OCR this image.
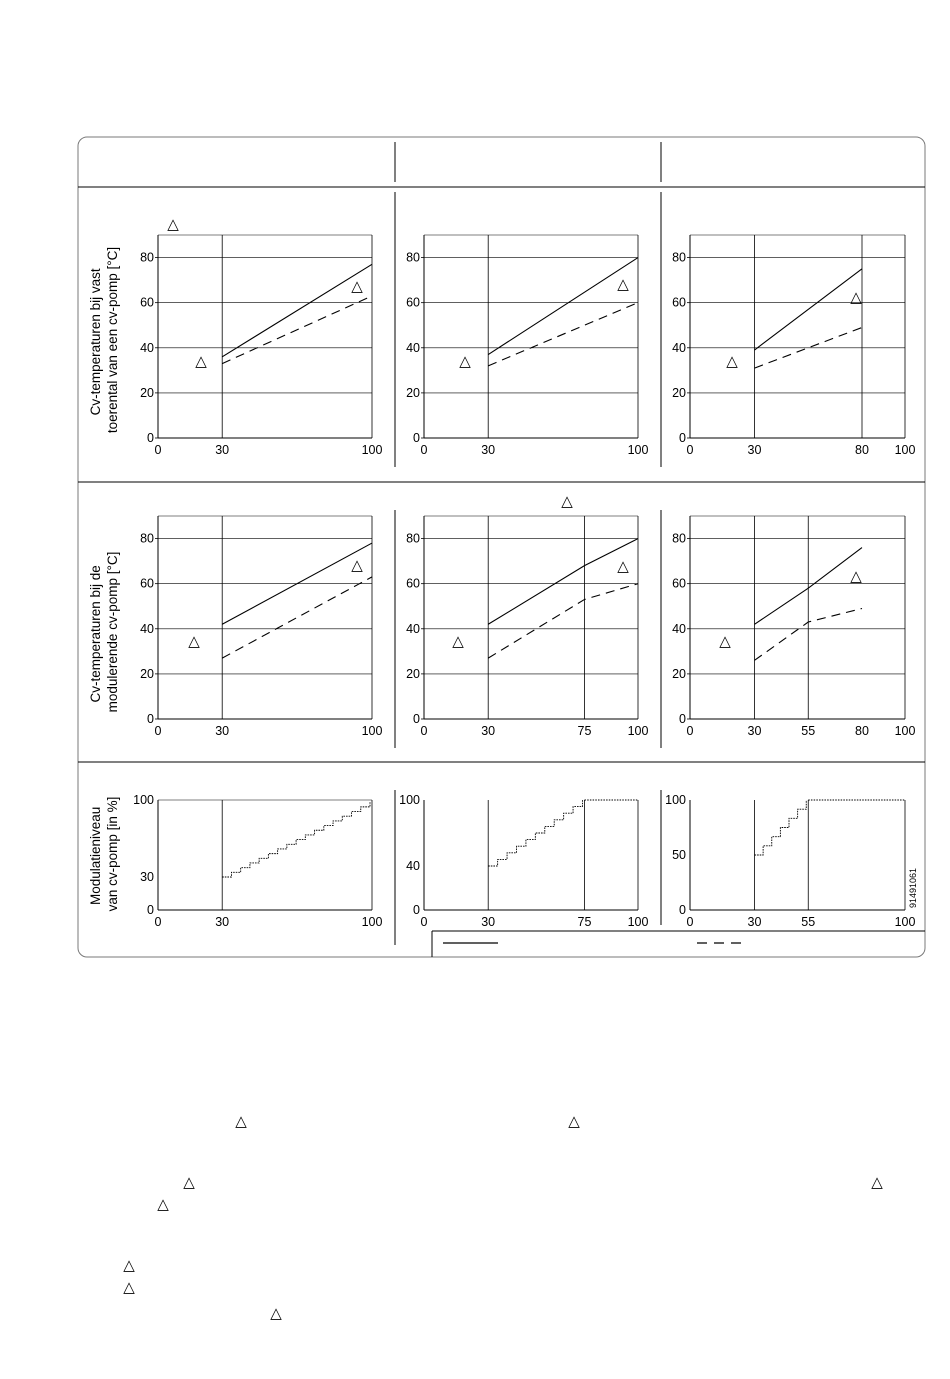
Cv-temperaturen bij vast toerental van een cv-pomp [°C]
Cv-temperaturen bij de modulerende cv-pomp [°C]
Modulatieniveau van cv-pomp [in %]
0
20
40
60
80
0	30	100
0
20
40
60
80
0	30	100
0
20
40
60
80
0	30	80 100
0
20
40
60
80
0	30	100
0
20
40
60
80
0	30	75	100
0
20
40
60
80
0	30	55	80 100
0
30
100
0	30	100
0
40
100
0	30	75	100
0
50
100
0	30	55	100
△
△
△
△
△
△
△
△
△
△
△
△
△
△
△	△
△	△
△
△
△
△
91491061
